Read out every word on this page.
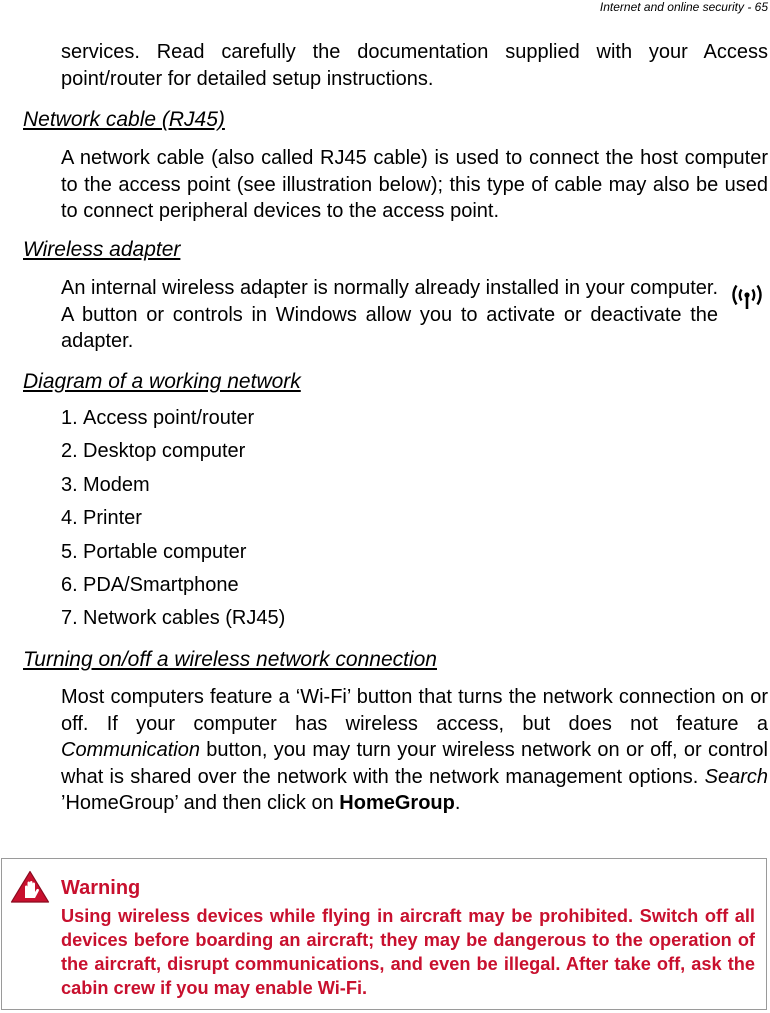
Internet and online security - 65

services. Read carefully the documentation supplied with your Access point/router for detailed setup instructions.

Network cable (RJ45)

A network cable (also called RJ45 cable) is used to connect the host computer to the access point (see illustration below); this type of cable may also be used to connect peripheral devices to the access point.

Wireless adapter

An internal wireless adapter is normally already installed in your computer. A button or controls in Windows allow you to activate or deactivate the adapter.

Diagram of a working network
1. Access point/router
2. Desktop computer
3. Modem
4. Printer
5. Portable computer
6. PDA/Smartphone
7. Network cables (RJ45)
Turning on/off a wireless network connection

Most computers feature a ‘Wi-Fi’ button that turns the network connection on or off. If your computer has wireless access, but does not feature a Communication button, you may turn your wireless network on or off, or control what is shared over the network with the network management options. Search ’HomeGroup’ and then click on HomeGroup.

Warning

Using wireless devices while flying in aircraft may be prohibited. Switch off all devices before boarding an aircraft; they may be dangerous to the operation of the aircraft, disrupt communications, and even be illegal. After take off, ask the cabin crew if you may enable Wi-Fi.
